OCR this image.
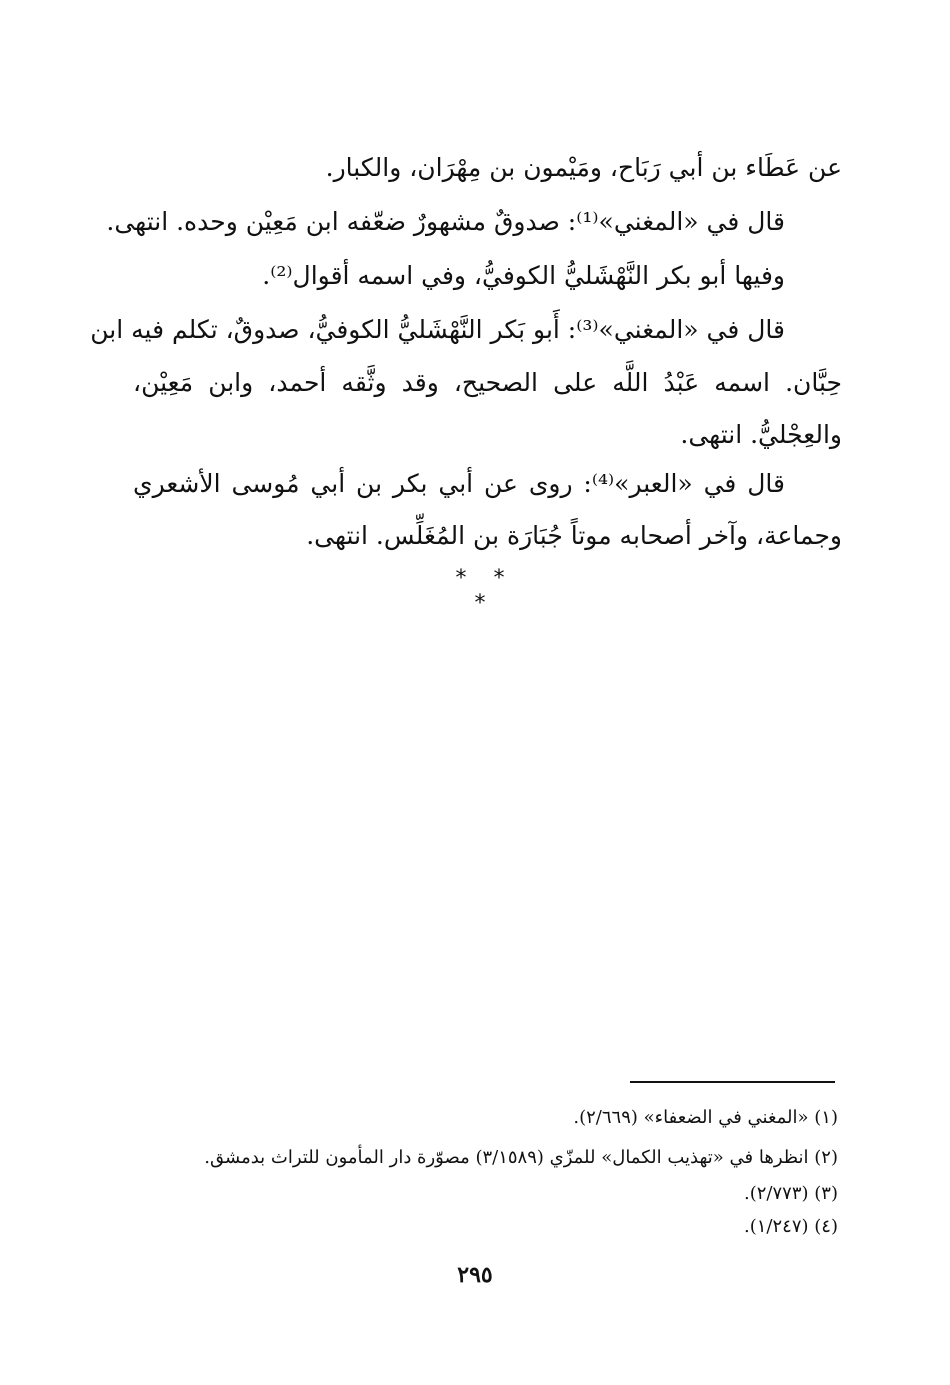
عن عَطَاء بن أبي رَبَاح، ومَيْمون بن مِهْرَان، والكبار.
قال في «المغني»⁽¹⁾: صدوقٌ مشهورٌ ضعّفه ابن مَعِيْن وحده. انتهى.
وفيها أبو بكر النَّهْشَليُّ الكوفيُّ، وفي اسمه أقوال⁽²⁾.
قال في «المغني»⁽³⁾: أَبو بَكر النَّهْشَليُّ الكوفيُّ، صدوقٌ، تكلم فيه ابن
حِبَّان. اسمه عَبْدُ اللَّه على الصحيح، وقد وثَّقه أحمد، وابن مَعِيْن،
والعِجْليُّ. انتهى.
قال في «العبر»⁽⁴⁾: روى عن أبي بكر بن أبي مُوسى الأشعري
وجماعة، وآخر أصحابه موتاً جُبَارَة بن المُغَلِّس. انتهى.
* * *
(١) «المغني في الضعفاء» (٢/٦٦٩).
(٢) انظرها في «تهذيب الكمال» للمزّي (٣/١٥٨٩) مصوّرة دار المأمون للتراث بدمشق.
(٣) (٢/٧٧٣).
(٤) (١/٢٤٧).
٢٩٥
